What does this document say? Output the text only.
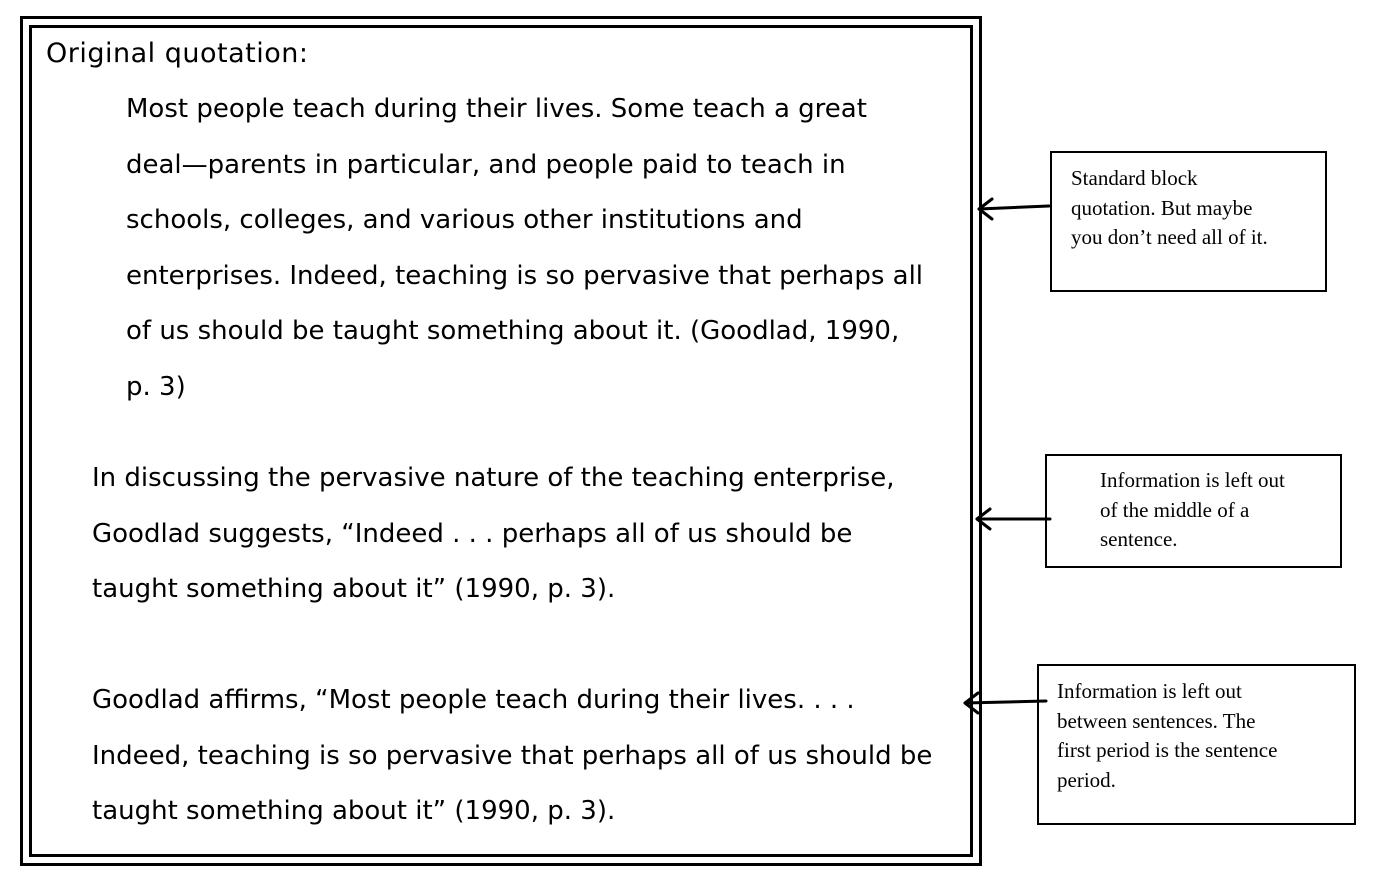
Original quotation:
Most people teach during their lives. Some teach a great
deal—parents in particular, and people paid to teach in
schools, colleges, and various other institutions and
enterprises. Indeed, teaching is so pervasive that perhaps all
of us should be taught something about it. (Goodlad, 1990,
p. 3)
In discussing the pervasive nature of the teaching enterprise,
Goodlad suggests, “Indeed . . . perhaps all of us should be
taught something about it” (1990, p. 3).
Goodlad affirms, “Most people teach during their lives. . . .
Indeed, teaching is so pervasive that perhaps all of us should be
taught something about it” (1990, p. 3).
Standard block
quotation. But maybe
you don’t need all of it.
Information is left out
of the middle of a
sentence.
Information is left out
between sentences. The
first period is the sentence
period.
